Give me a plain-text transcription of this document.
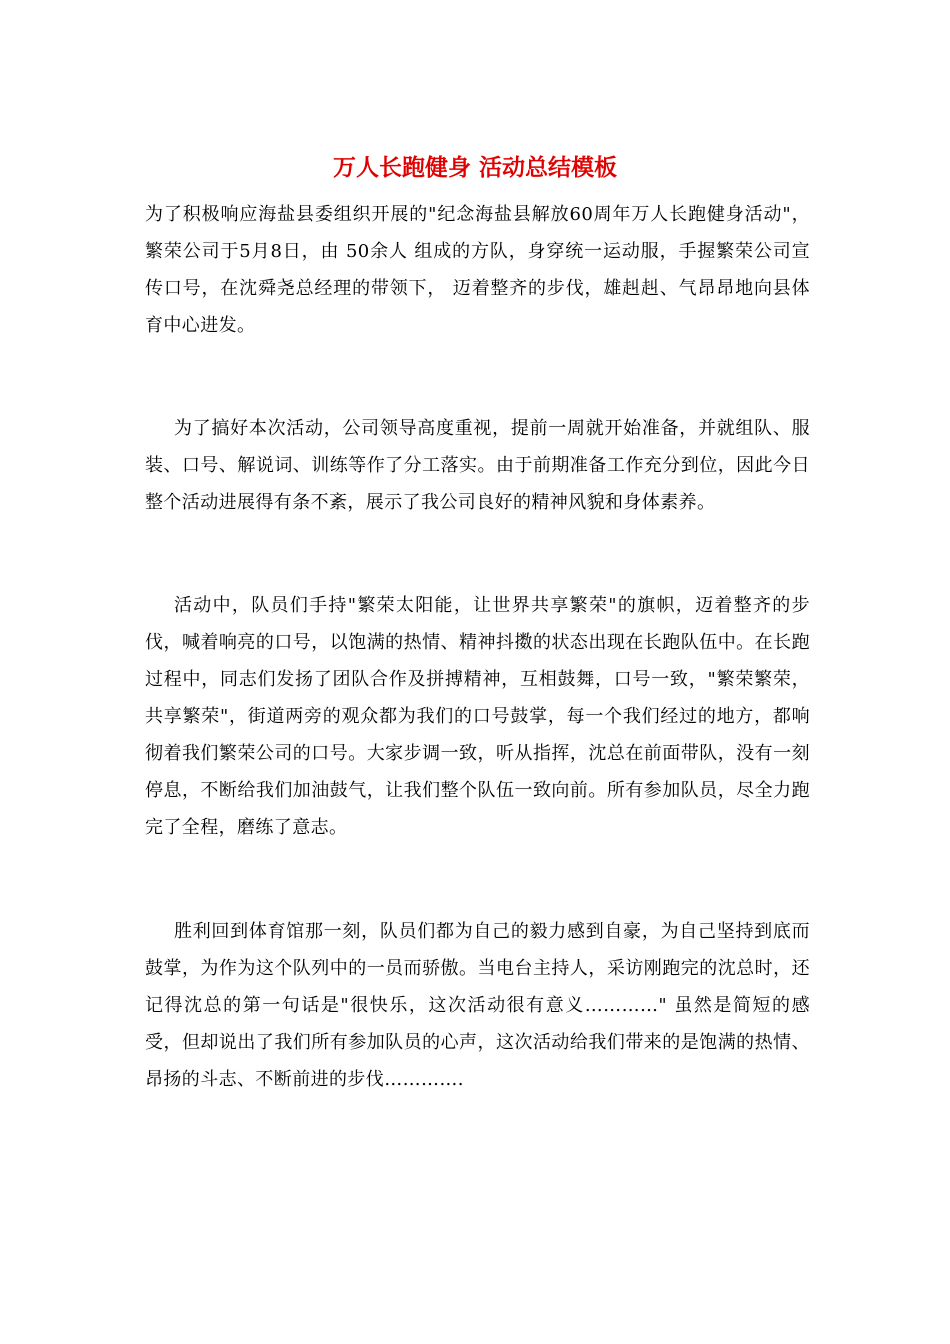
万人长跑健身 活动总结模板

为了积极响应海盐县委组织开展的"纪念海盐县解放60周年万人长跑健身活动"，繁荣公司于5月8日，由 50余人 组成的方队，身穿统一运动服，手握繁荣公司宣传口号，在沈舜尧总经理的带领下， 迈着整齐的步伐，雄赳赳、气昂昂地向县体育中心进发。

为了搞好本次活动，公司领导高度重视，提前一周就开始准备，并就组队、服装、口号、解说词、训练等作了分工落实。由于前期准备工作充分到位，因此今日整个活动进展得有条不紊，展示了我公司良好的精神风貌和身体素养。

活动中，队员们手持"繁荣太阳能，让世界共享繁荣"的旗帜，迈着整齐的步伐，喊着响亮的口号，以饱满的热情、精神抖擞的状态出现在长跑队伍中。在长跑过程中，同志们发扬了团队合作及拼搏精神，互相鼓舞，口号一致，"繁荣繁荣，共享繁荣"，街道两旁的观众都为我们的口号鼓掌，每一个我们经过的地方，都响彻着我们繁荣公司的口号。大家步调一致，听从指挥，沈总在前面带队，没有一刻停息，不断给我们加油鼓气，让我们整个队伍一致向前。所有参加队员，尽全力跑完了全程，磨练了意志。

胜利回到体育馆那一刻，队员们都为自己的毅力感到自豪，为自己坚持到底而鼓掌，为作为这个队列中的一员而骄傲。当电台主持人，采访刚跑完的沈总时，还记得沈总的第一句话是"很快乐，这次活动很有意义…………" 虽然是简短的感受，但却说出了我们所有参加队员的心声，这次活动给我们带来的是饱满的热情、昂扬的斗志、不断前进的步伐………….
